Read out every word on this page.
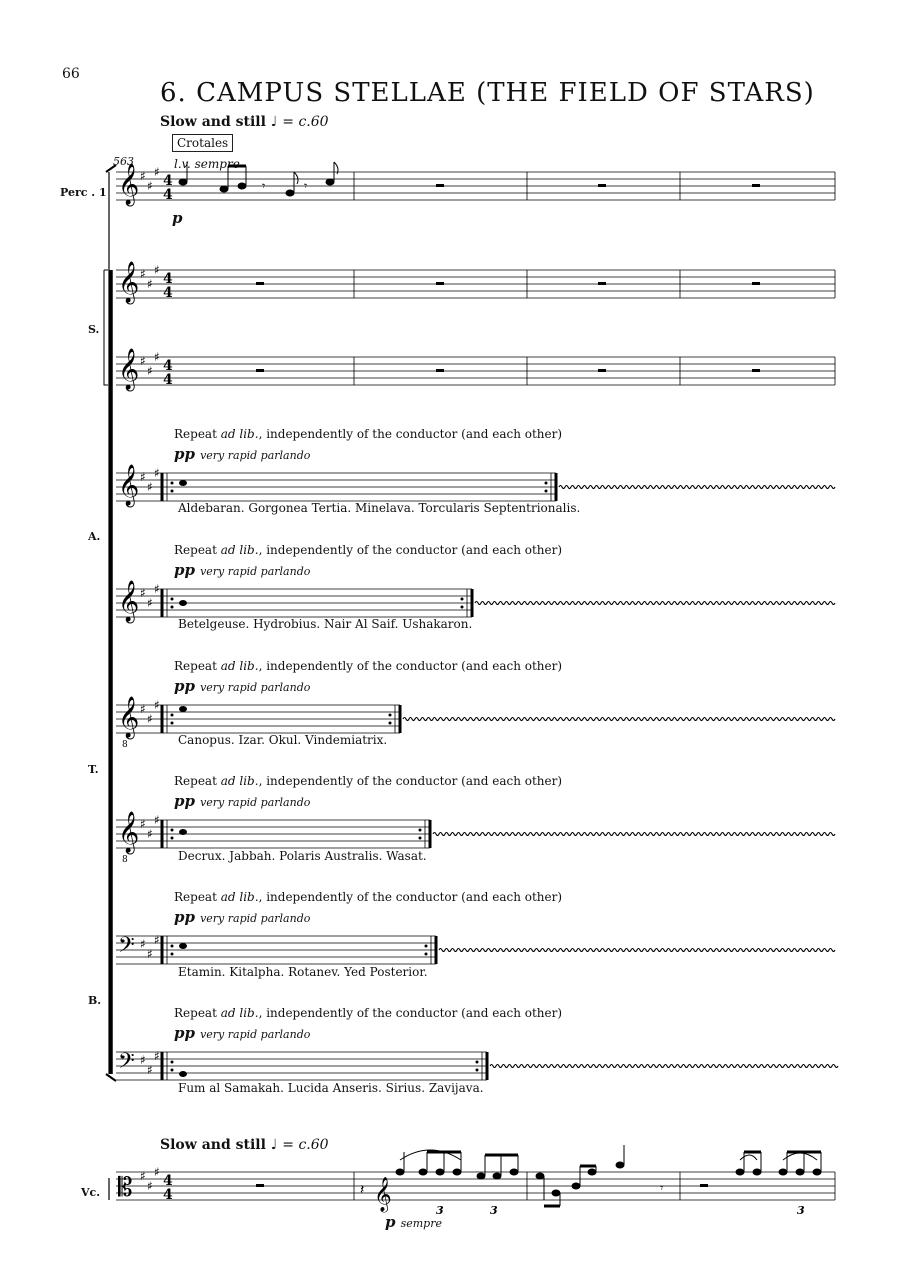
66
6. CAMPUS STELLAE (THE FIELD OF STARS)
Slow and still ♩ = c.60
Crotales
563	l.v. sempre
p
Perc . 1
S.
A.
T.
B.
Vc.
Repeat ad lib., independently of the conductor (and each other)
pp very rapid parlando
Aldebaran. Gorgonea Tertia. Minelava. Torcularis Septentrionalis.
Repeat ad lib., independently of the conductor (and each other)
pp very rapid parlando
Betelgeuse. Hydrobius. Nair Al Saif. Ushakaron.
Repeat ad lib., independently of the conductor (and each other)
pp very rapid parlando
Canopus. Izar. Okul. Vindemiatrix.
Repeat ad lib., independently of the conductor (and each other)
pp very rapid parlando
Decrux. Jabbah. Polaris Australis. Wasat.
Repeat ad lib., independently of the conductor (and each other)
pp very rapid parlando
Etamin. Kitalpha. Rotanev. Yed Posterior.
Repeat ad lib., independently of the conductor (and each other)
pp very rapid parlando
Fum al Samakah. Lucida Anseris. Sirius. Zavijava.
Slow and still ♩ = c.60
p sempre
𝄞 ♯
♯
♯
𝄞 ♯
♯
♯
𝄞
8
♯
♯
♯
𝄞
8
♯
♯
♯
𝄢 ♯
♯
♯
𝄢 ♯
♯
♯
𝄞
𝄞
𝄞
♯
♯
♯
♯
♯
♯
♯
♯
♯
♯
♯
♯
4
4
4
4
4
4
4
4
𝄡
𝄾	𝄾
𝄽 𝄞	𝄾
3	3	3
